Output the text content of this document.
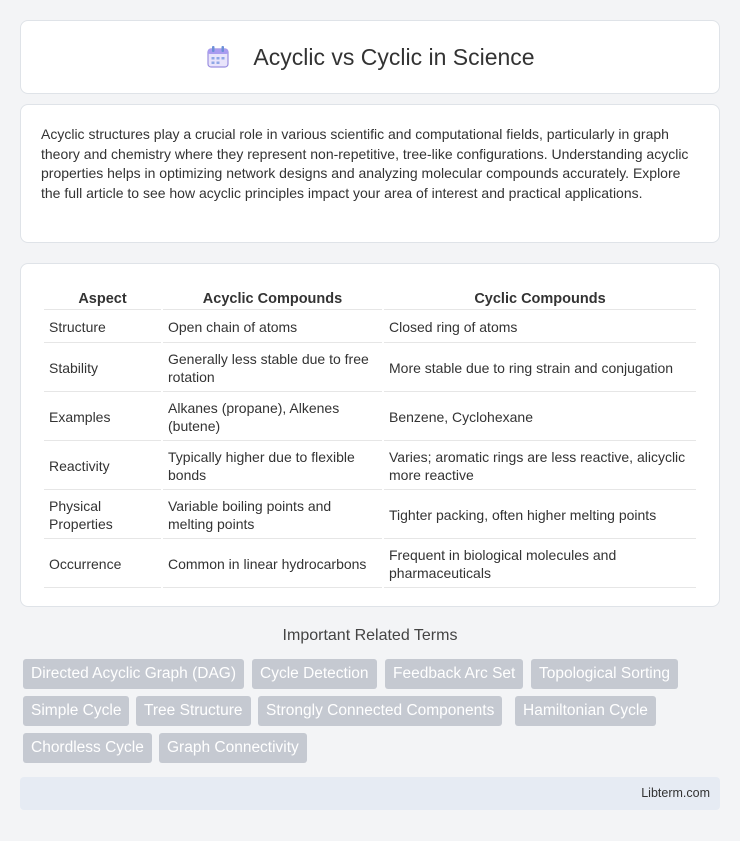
Acyclic vs Cyclic in Science

Acyclic structures play a crucial role in various scientific and computational fields, particularly in graph theory and chemistry where they represent non-repetitive, tree-like configurations. Understanding acyclic properties helps in optimizing network designs and analyzing molecular compounds accurately. Explore the full article to see how acyclic principles impact your area of interest and practical applications.

Aspect	Acyclic Compounds	Cyclic Compounds
Structure	Open chain of atoms	Closed ring of atoms
Stability	Generally less stable due to free rotation	More stable due to ring strain and conjugation
Examples	Alkanes (propane), Alkenes (butene)	Benzene, Cyclohexane
Reactivity	Typically higher due to flexible bonds	Varies; aromatic rings are less reactive, alicyclic more reactive
Physical Properties	Variable boiling points and melting points	Tighter packing, often higher melting points
Occurrence	Common in linear hydrocarbons	Frequent in biological molecules and pharmaceuticals
Important Related Terms
Directed Acyclic Graph (DAG)	Cycle Detection	Feedback Arc Set	Topological Sorting
Simple Cycle	Tree Structure	Strongly Connected Components	Hamiltonian Cycle
Chordless Cycle	Graph Connectivity
Libterm.com
